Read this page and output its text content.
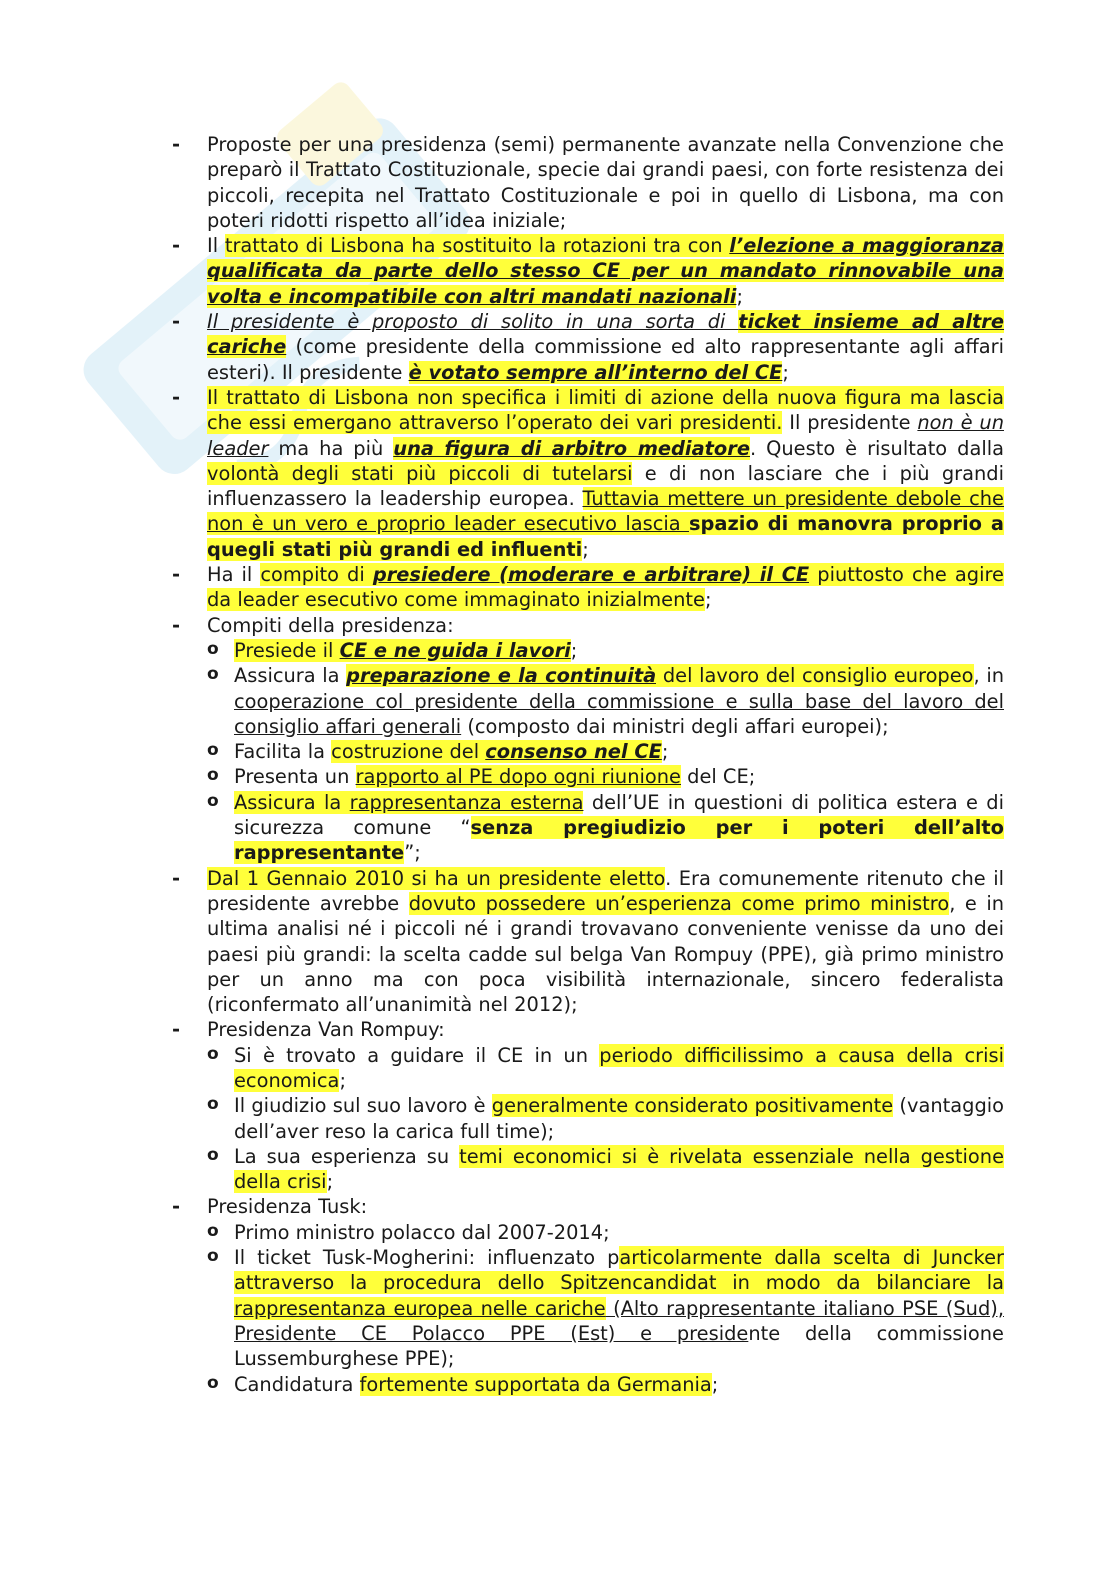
- Proposte per una presidenza (semi) permanente avanzate nella Convenzione che preparò il Trattato Costituzionale, specie dai grandi paesi, con forte resistenza dei piccoli, recepita nel Trattato Costituzionale e poi in quello di Lisbona, ma con poteri ridotti rispetto all’idea iniziale;
- Il trattato di Lisbona ha sostituito la rotazioni tra con l’elezione a maggioranza qualificata da parte dello stesso CE per un mandato rinnovabile una volta e incompatibile con altri mandati nazionali;
- Il presidente è proposto di solito in una sorta di ticket insieme ad altre cariche (come presidente della commissione ed alto rappresentante agli affari esteri). Il presidente è votato sempre all’interno del CE;
- Il trattato di Lisbona non specifica i limiti di azione della nuova figura ma lascia che essi emergano attraverso l’operato dei vari presidenti. Il presidente non è un leader ma ha più una figura di arbitro mediatore. Questo è risultato dalla volontà degli stati più piccoli di tutelarsi e di non lasciare che i più grandi influenzassero la leadership europea. Tuttavia mettere un presidente debole che non è un vero e proprio leader esecutivo lascia spazio di manovra proprio a quegli stati più grandi ed influenti;
- Ha il compito di presiedere (moderare e arbitrare) il CE piuttosto che agire da leader esecutivo come immaginato inizialmente;
- Compiti della presidenza:
o Presiede il CE e ne guida i lavori;
o Assicura la preparazione e la continuità del lavoro del consiglio europeo, in cooperazione col presidente della commissione e sulla base del lavoro del consiglio affari generali (composto dai ministri degli affari europei);
o Facilita la costruzione del consenso nel CE;
o Presenta un rapporto al PE dopo ogni riunione del CE;
o Assicura la rappresentanza esterna dell’UE in questioni di politica estera e di sicurezza comune “senza pregiudizio per i poteri dell’alto rappresentante”;
- Dal 1 Gennaio 2010 si ha un presidente eletto. Era comunemente ritenuto che il presidente avrebbe dovuto possedere un’esperienza come primo ministro, e in ultima analisi né i piccoli né i grandi trovavano conveniente venisse da uno dei paesi più grandi: la scelta cadde sul belga Van Rompuy (PPE), già primo ministro per un anno ma con poca visibilità internazionale, sincero federalista (riconfermato all’unanimità nel 2012);
- Presidenza Van Rompuy:
o Si è trovato a guidare il CE in un periodo difficilissimo a causa della crisi economica;
o Il giudizio sul suo lavoro è generalmente considerato positivamente (vantaggio dell’aver reso la carica full time);
o La sua esperienza su temi economici si è rivelata essenziale nella gestione della crisi;
- Presidenza Tusk:
o Primo ministro polacco dal 2007-2014;
o Il ticket Tusk-Mogherini: influenzato particolarmente dalla scelta di Juncker attraverso la procedura dello Spitzencandidat in modo da bilanciare la rappresentanza europea nelle cariche (Alto rappresentante italiano PSE (Sud), Presidente CE Polacco PPE (Est) e presidente della commissione Lussemburghese PPE);
o Candidatura fortemente supportata da Germania;
